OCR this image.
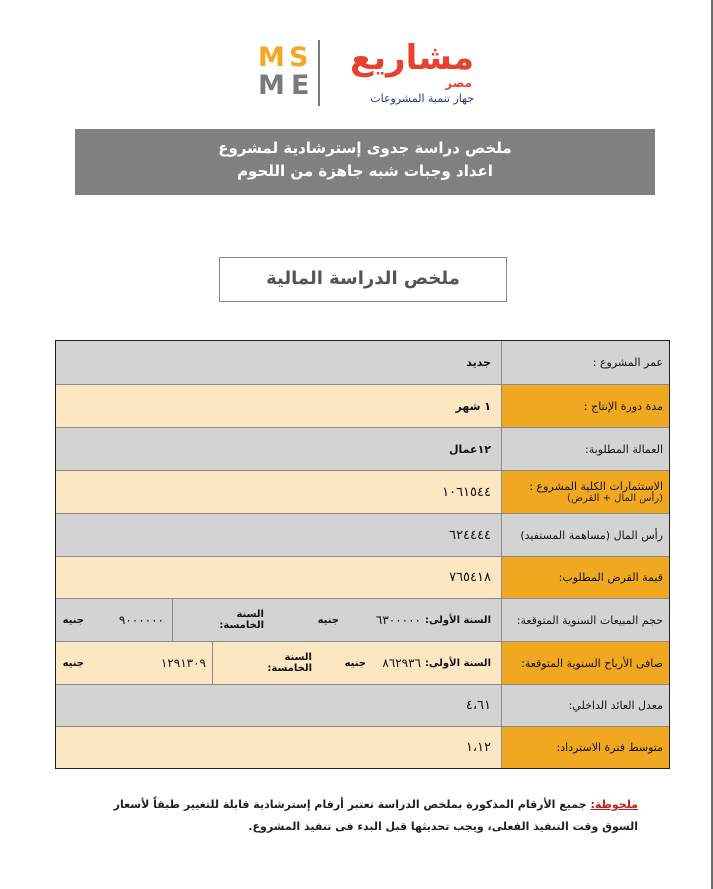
M S
M E
مشاريع
مصر
جهاز تنمية المشروعات
ملخص دراسة جدوى إسترشادية لمشروع
اعداد وجبات شبه جاهزة من اللحوم
ملخص الدراسة المالية
عمر المشروع :
جديد
مدة دورة الإنتاج :
١ شهر
العمالة المطلوبة:
١٢عمال
الاستثمارات الكلية المشروع :
(رأس المال + القرض)
١٠٦١٥٤٤
رأس المال (مساهمة المستفيد)
٦٢٤٤٤٤
قيمة القرض المطلوب:
٧٦٥٤١٨
حجم المبيعات السنوية المتوقعة:
السنة الأولى:
٦٣٠٠٠٠٠
جنيه
السنة
الخامسة:
٩٠٠٠٠٠٠
جنيه
صافى الأرباح السنوية المتوقعة:
السنة الأولى:
٨٦٢٩٣٦
جنيه
السنة
الخامسة:
١٢٩١٣٠٩
جنيه
معدل العائد الداخلي:
٤،٦١
متوسط فترة الاسترداد:
١،١٢
ملحوظة: جميع الأرقام المذكورة بملخص الدراسة تعتبر أرقام إسترشادية قابلة للتغيير طبقاً لأسعار السوق وقت التنفيذ الفعلى، ويجب تحديثها قبل البدء فى تنفيذ المشروع.
